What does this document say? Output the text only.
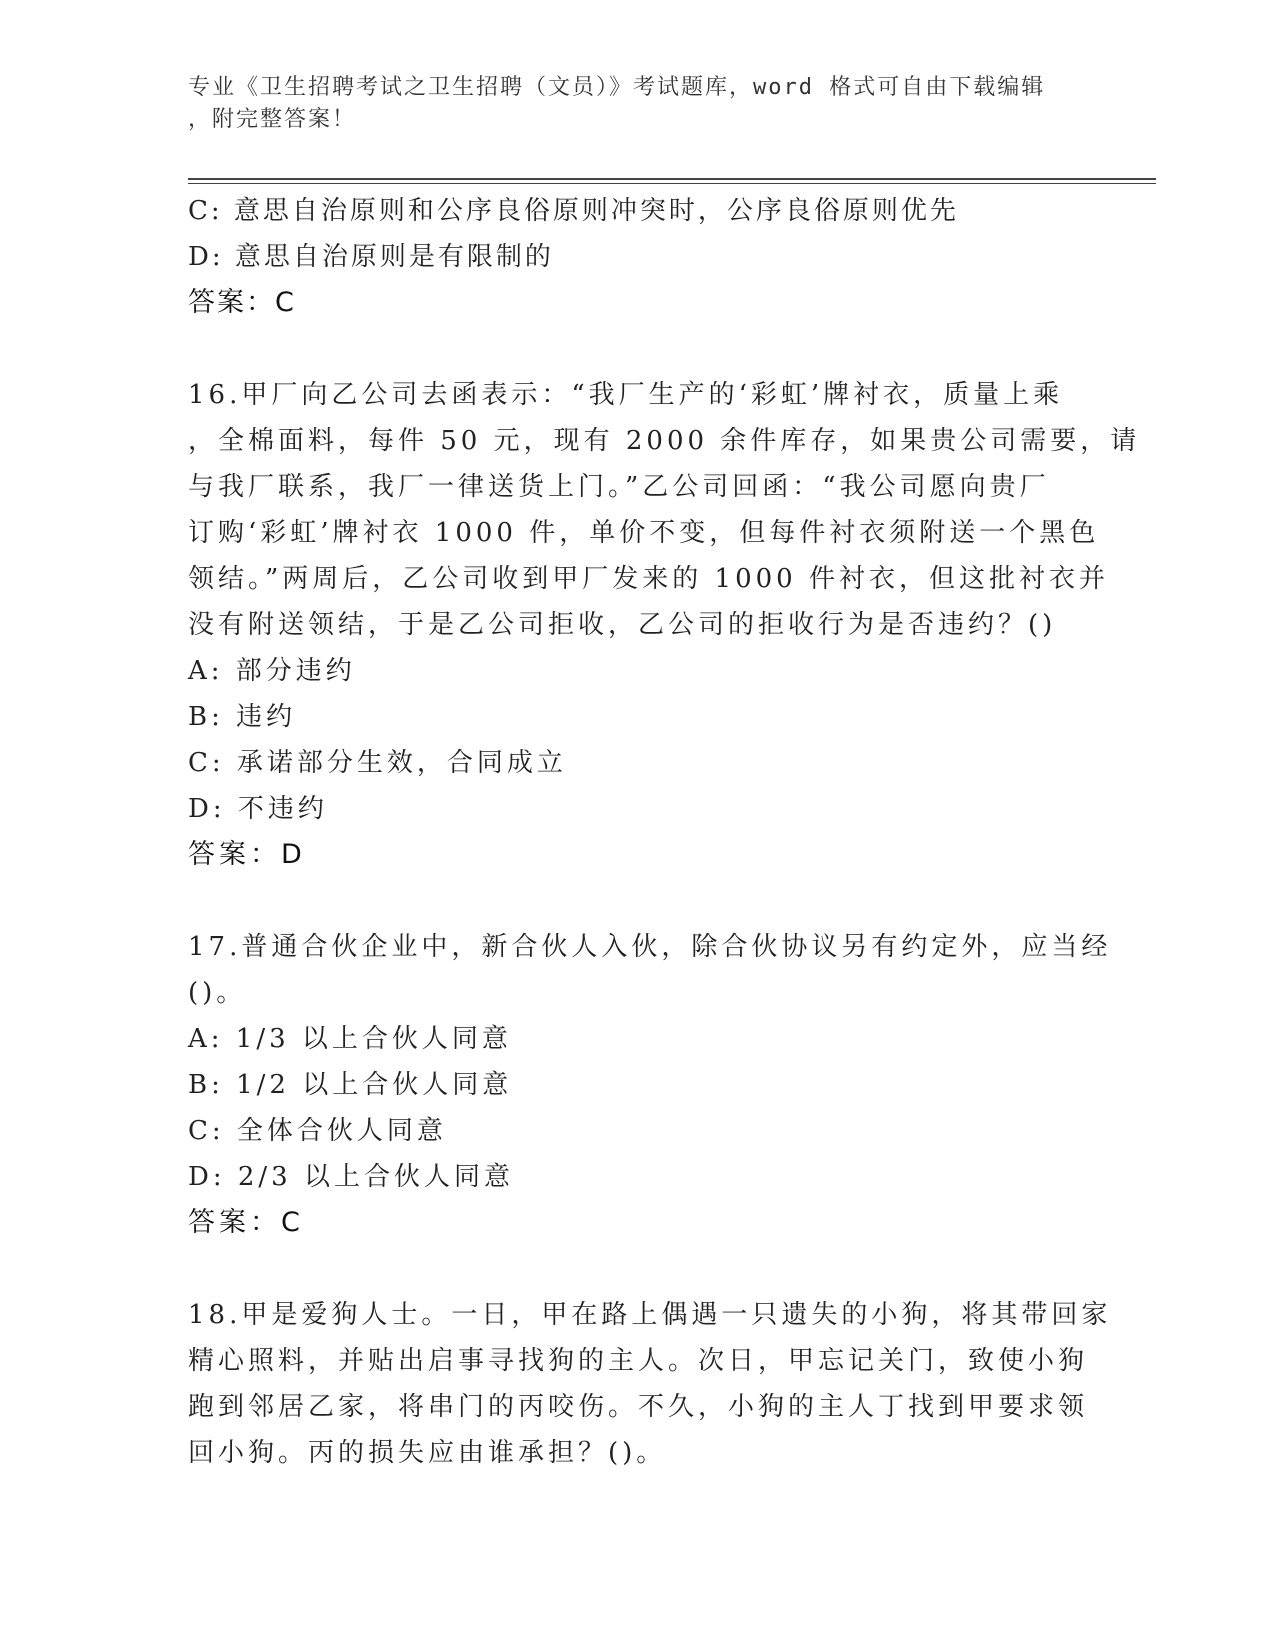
专业《卫生招聘考试之卫生招聘（文员）》考试题库，word 格式可自由下载编辑
，附完整答案！
C: 意思自治原则和公序良俗原则冲突时，公序良俗原则优先
D: 意思自治原则是有限制的
答案：C
16.甲厂向乙公司去函表示：“我厂生产的‘彩虹’牌衬衣，质量上乘
，全棉面料，每件 50 元，现有 2000 余件库存，如果贵公司需要，请
与我厂联系，我厂一律送货上门。”乙公司回函：“我公司愿向贵厂
订购‘彩虹’牌衬衣 1000 件，单价不变，但每件衬衣须附送一个黑色
领结。”两周后，乙公司收到甲厂发来的 1000 件衬衣，但这批衬衣并
没有附送领结，于是乙公司拒收，乙公司的拒收行为是否违约？()
A: 部分违约
B: 违约
C: 承诺部分生效，合同成立
D: 不违约
答案：D
17.普通合伙企业中，新合伙人入伙，除合伙协议另有约定外，应当经
()。
A: 1/3 以上合伙人同意
B: 1/2 以上合伙人同意
C: 全体合伙人同意
D: 2/3 以上合伙人同意
答案：C
18.甲是爱狗人士。一日，甲在路上偶遇一只遗失的小狗，将其带回家
精心照料，并贴出启事寻找狗的主人。次日，甲忘记关门，致使小狗
跑到邻居乙家，将串门的丙咬伤。不久，小狗的主人丁找到甲要求领
回小狗。丙的损失应由谁承担？()。
